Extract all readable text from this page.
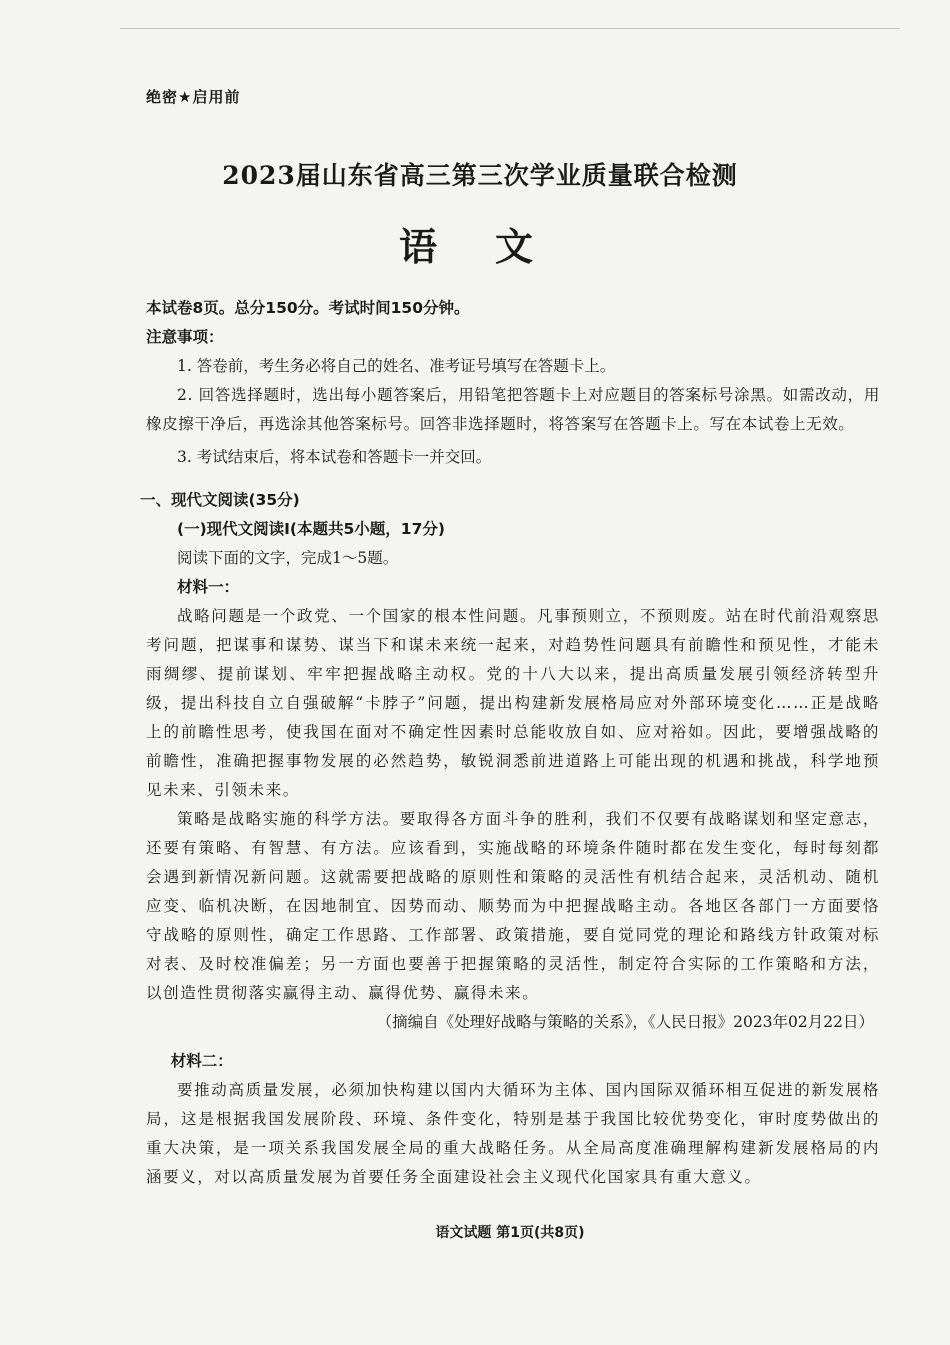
绝密★启用前
2023届山东省高三第三次学业质量联合检测
语文

本试卷8页。总分150分。考试时间150分钟。

注意事项：

1. 答卷前，考生务必将自己的姓名、准考证号填写在答题卡上。

2. 回答选择题时，选出每小题答案后，用铅笔把答题卡上对应题目的答案标号涂黑。如需改动，用橡皮擦干净后，再选涂其他答案标号。回答非选择题时，将答案写在答题卡上。写在本试卷上无效。

3. 考试结束后，将本试卷和答题卡一并交回。

一、现代文阅读(35分)

(一)现代文阅读Ⅰ(本题共5小题，17分)

阅读下面的文字，完成1～5题。

材料一：

战略问题是一个政党、一个国家的根本性问题。凡事预则立，不预则废。站在时代前沿观察思考问题，把谋事和谋势、谋当下和谋未来统一起来，对趋势性问题具有前瞻性和预见性，才能未雨绸缪、提前谋划、牢牢把握战略主动权。党的十八大以来，提出高质量发展引领经济转型升级，提出科技自立自强破解“卡脖子”问题，提出构建新发展格局应对外部环境变化……正是战略上的前瞻性思考，使我国在面对不确定性因素时总能收放自如、应对裕如。因此，要增强战略的前瞻性，准确把握事物发展的必然趋势，敏锐洞悉前进道路上可能出现的机遇和挑战，科学地预见未来、引领未来。

策略是战略实施的科学方法。要取得各方面斗争的胜利，我们不仅要有战略谋划和坚定意志，还要有策略、有智慧、有方法。应该看到，实施战略的环境条件随时都在发生变化，每时每刻都会遇到新情况新问题。这就需要把战略的原则性和策略的灵活性有机结合起来，灵活机动、随机应变、临机决断，在因地制宜、因势而动、顺势而为中把握战略主动。各地区各部门一方面要恪守战略的原则性，确定工作思路、工作部署、政策措施，要自觉同党的理论和路线方针政策对标对表、及时校准偏差；另一方面也要善于把握策略的灵活性，制定符合实际的工作策略和方法，以创造性贯彻落实赢得主动、赢得优势、赢得未来。

（摘编自《处理好战略与策略的关系》，《人民日报》2023年02月22日）

材料二：

要推动高质量发展，必须加快构建以国内大循环为主体、国内国际双循环相互促进的新发展格局，这是根据我国发展阶段、环境、条件变化，特别是基于我国比较优势变化，审时度势做出的重大决策，是一项关系我国发展全局的重大战略任务。从全局高度准确理解构建新发展格局的内涵要义，对以高质量发展为首要任务全面建设社会主义现代化国家具有重大意义。

语文试题 第1页(共8页)
